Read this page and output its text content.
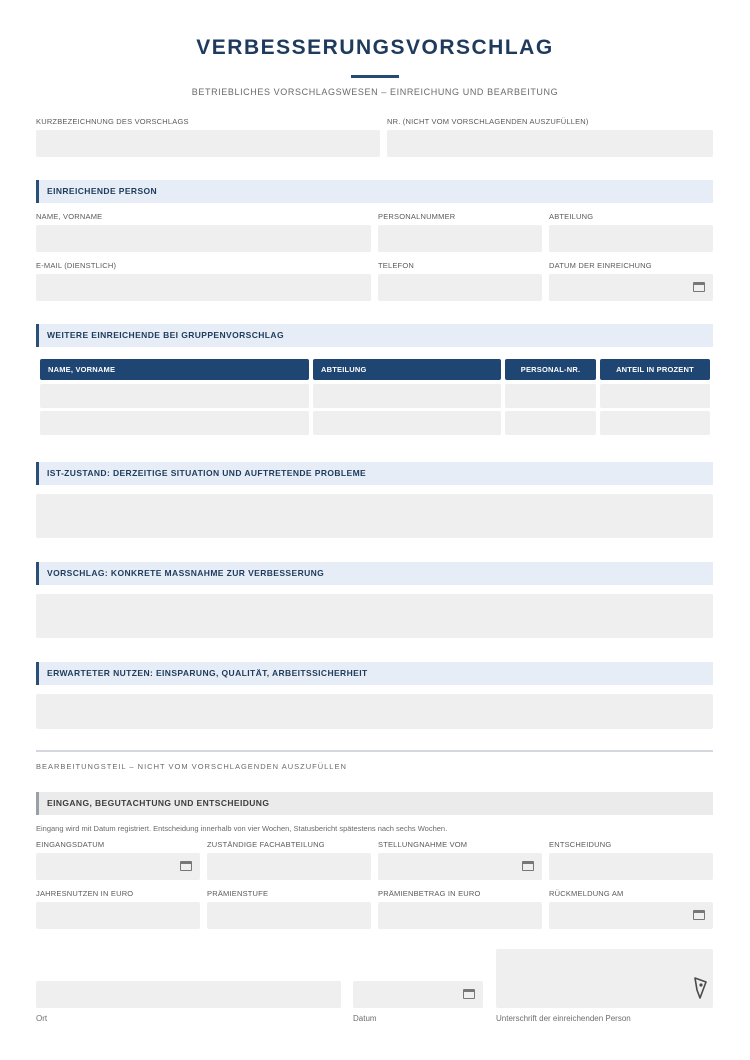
VERBESSERUNGSVORSCHLAG
BETRIEBLICHES VORSCHLAGSWESEN – EINREICHUNG UND BEARBEITUNG
KURZBEZEICHNUNG DES VORSCHLAGS	NR. (NICHT VOM VORSCHLAGENDEN AUSZUFÜLLEN)
EINREICHENDE PERSON
NAME, VORNAME	PERSONALNUMMER	ABTEILUNG
E-MAIL (DIENSTLICH)	TELEFON	DATUM DER EINREICHUNG
WEITERE EINREICHENDE BEI GRUPPENVORSCHLAG
NAME, VORNAME	ABTEILUNG	PERSONAL-NR.	ANTEIL IN PROZENT
IST-ZUSTAND: DERZEITIGE SITUATION UND AUFTRETENDE PROBLEME
VORSCHLAG: KONKRETE MASSNAHME ZUR VERBESSERUNG
ERWARTETER NUTZEN: EINSPARUNG, QUALITÄT, ARBEITSSICHERHEIT
BEARBEITUNGSTEIL – NICHT VOM VORSCHLAGENDEN AUSZUFÜLLEN
EINGANG, BEGUTACHTUNG UND ENTSCHEIDUNG
Eingang wird mit Datum registriert. Entscheidung innerhalb von vier Wochen, Statusbericht spätestens nach sechs Wochen.
EINGANGSDATUM	ZUSTÄNDIGE FACHABTEILUNG	STELLUNGNAHME VOM	ENTSCHEIDUNG
JAHRESNUTZEN IN EURO	PRÄMIENSTUFE	PRÄMIENBETRAG IN EURO	RÜCKMELDUNG AM
Ort	Datum	Unterschrift der einreichenden Person
